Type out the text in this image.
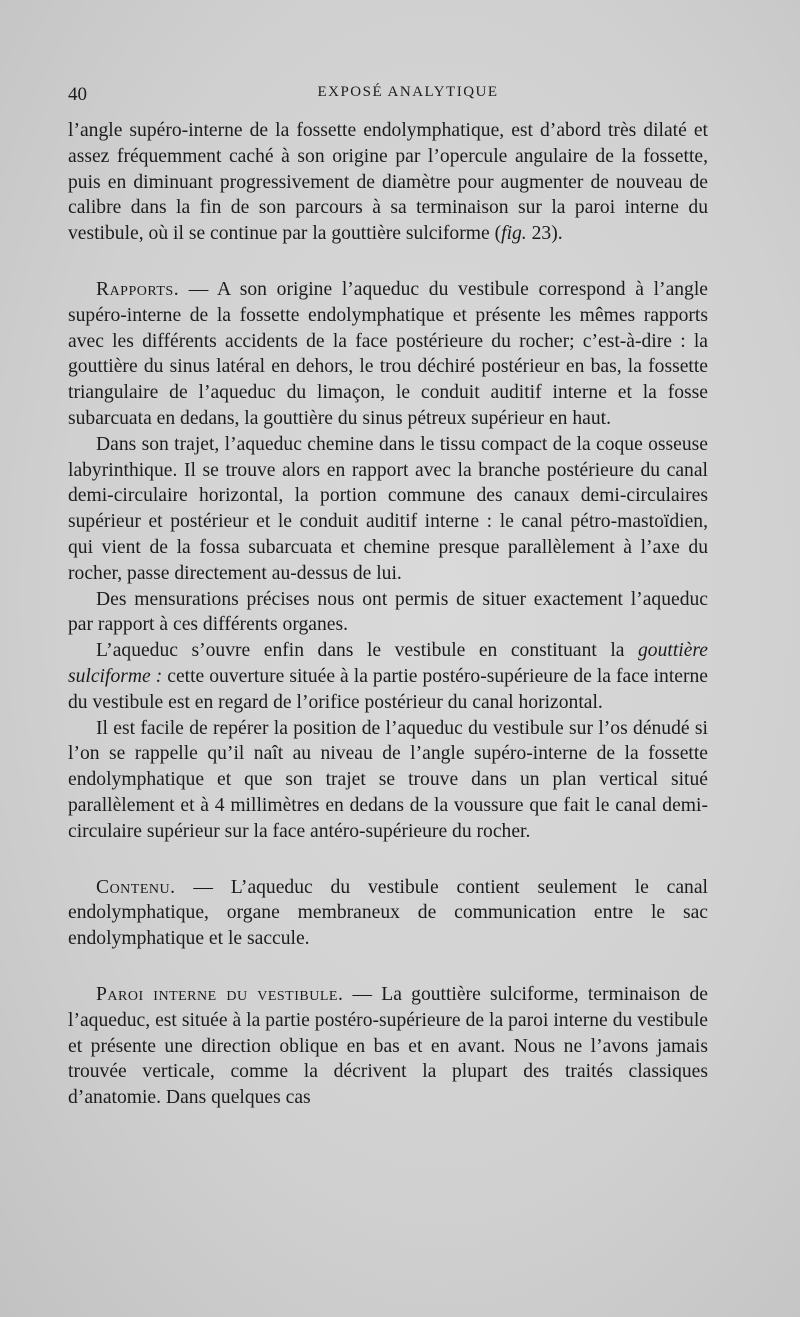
40	EXPOSÉ ANALYTIQUE

l’angle supéro-interne de la fossette endolymphatique, est d’abord très dilaté et assez fréquemment caché à son origine par l’opercule angulaire de la fossette, puis en diminuant progressivement de diamètre pour augmenter de nouveau de calibre dans la fin de son parcours à sa terminaison sur la paroi interne du vestibule, où il se continue par la gouttière sulciforme (fig. 23).

Rapports. — A son origine l’aqueduc du vestibule correspond à l’angle supéro-interne de la fossette endolymphatique et présente les mêmes rapports avec les différents accidents de la face postérieure du rocher; c’est-à-dire : la gouttière du sinus latéral en dehors, le trou déchiré postérieur en bas, la fossette triangulaire de l’aqueduc du limaçon, le conduit auditif interne et la fosse subarcuata en dedans, la gouttière du sinus pétreux supérieur en haut.

Dans son trajet, l’aqueduc chemine dans le tissu compact de la coque osseuse labyrinthique. Il se trouve alors en rapport avec la branche postérieure du canal demi-circulaire horizontal, la portion commune des canaux demi-circulaires supérieur et postérieur et le conduit auditif interne : le canal pétro-mastoïdien, qui vient de la fossa subarcuata et chemine presque parallèlement à l’axe du rocher, passe directement au-dessus de lui.

Des mensurations précises nous ont permis de situer exactement l’aqueduc par rapport à ces différents organes.

L’aqueduc s’ouvre enfin dans le vestibule en constituant la gouttière sulciforme : cette ouverture située à la partie postéro-supérieure de la face interne du vestibule est en regard de l’orifice postérieur du canal horizontal.

Il est facile de repérer la position de l’aqueduc du vestibule sur l’os dénudé si l’on se rappelle qu’il naît au niveau de l’angle supéro-interne de la fossette endolymphatique et que son trajet se trouve dans un plan vertical situé parallèlement et à 4 millimètres en dedans de la voussure que fait le canal demi-circulaire supérieur sur la face antéro-supérieure du rocher.

Contenu. — L’aqueduc du vestibule contient seulement le canal endolymphatique, organe membraneux de communication entre le sac endolymphatique et le saccule.

Paroi interne du vestibule. — La gouttière sulciforme, terminaison de l’aqueduc, est située à la partie postéro-supérieure de la paroi interne du vestibule et présente une direction oblique en bas et en avant. Nous ne l’avons jamais trouvée verticale, comme la décrivent la plupart des traités classiques d’anatomie. Dans quelques cas
